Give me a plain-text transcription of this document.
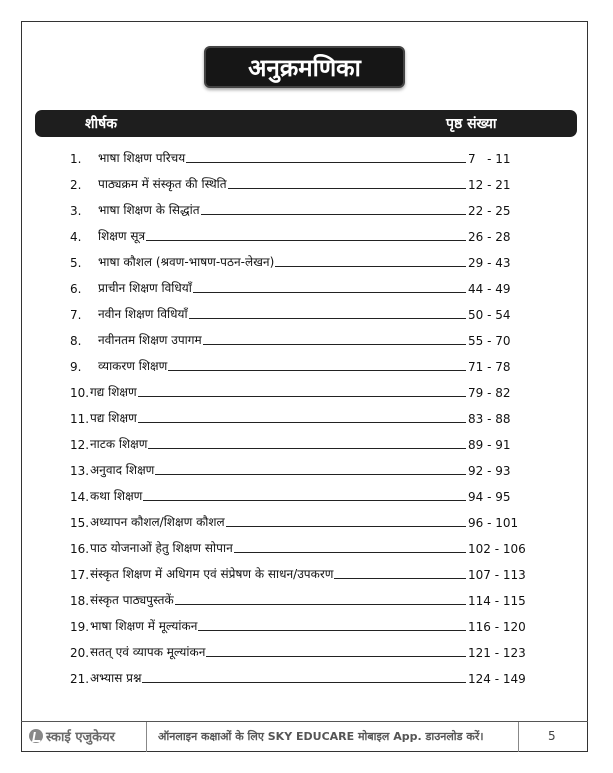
अनुक्रमणिका
शीर्षक	पृष्ठ संख्या
1.	भाषा शिक्षण परिचय	7   - 11
2.	पाठ्यक्रम में संस्कृत की स्थिति	12 - 21
3.	भाषा शिक्षण के सिद्धांत	22 - 25
4.	शिक्षण सूत्र	26 - 28
5.	भाषा कौशल (श्रवण-भाषण-पठन-लेखन)	29 - 43
6.	प्राचीन शिक्षण विधियाँ	44 - 49
7.	नवीन शिक्षण विधियाँ	50 - 54
8.	नवीनतम शिक्षण उपागम	55 - 70
9.	व्याकरण शिक्षण	71 - 78
10. गद्य शिक्षण	79 - 82
11. पद्य शिक्षण	83 - 88
12. नाटक शिक्षण	89 - 91
13. अनुवाद शिक्षण	92 - 93
14. कथा शिक्षण	94 - 95
15. अध्यापन कौशल/शिक्षण कौशल	96 - 101
16. पाठ योजनाओं हेतु शिक्षण सोपान	102 - 106
17. संस्कृत शिक्षण में अधिगम एवं संप्रेषण के साधन/उपकरण	107 - 113
18. संस्कृत पाठ्यपुस्तकें	114 - 115
19. भाषा शिक्षण में मूल्यांकन	116 - 120
20. सतत् एवं व्यापक मूल्यांकन	121 - 123
21. अभ्यास प्रश्न	124 - 149
स्काई एजुकेयर	ऑनलाइन कक्षाओं के लिए SKY EDUCARE मोबाइल App. डाउनलोड करें।	5
